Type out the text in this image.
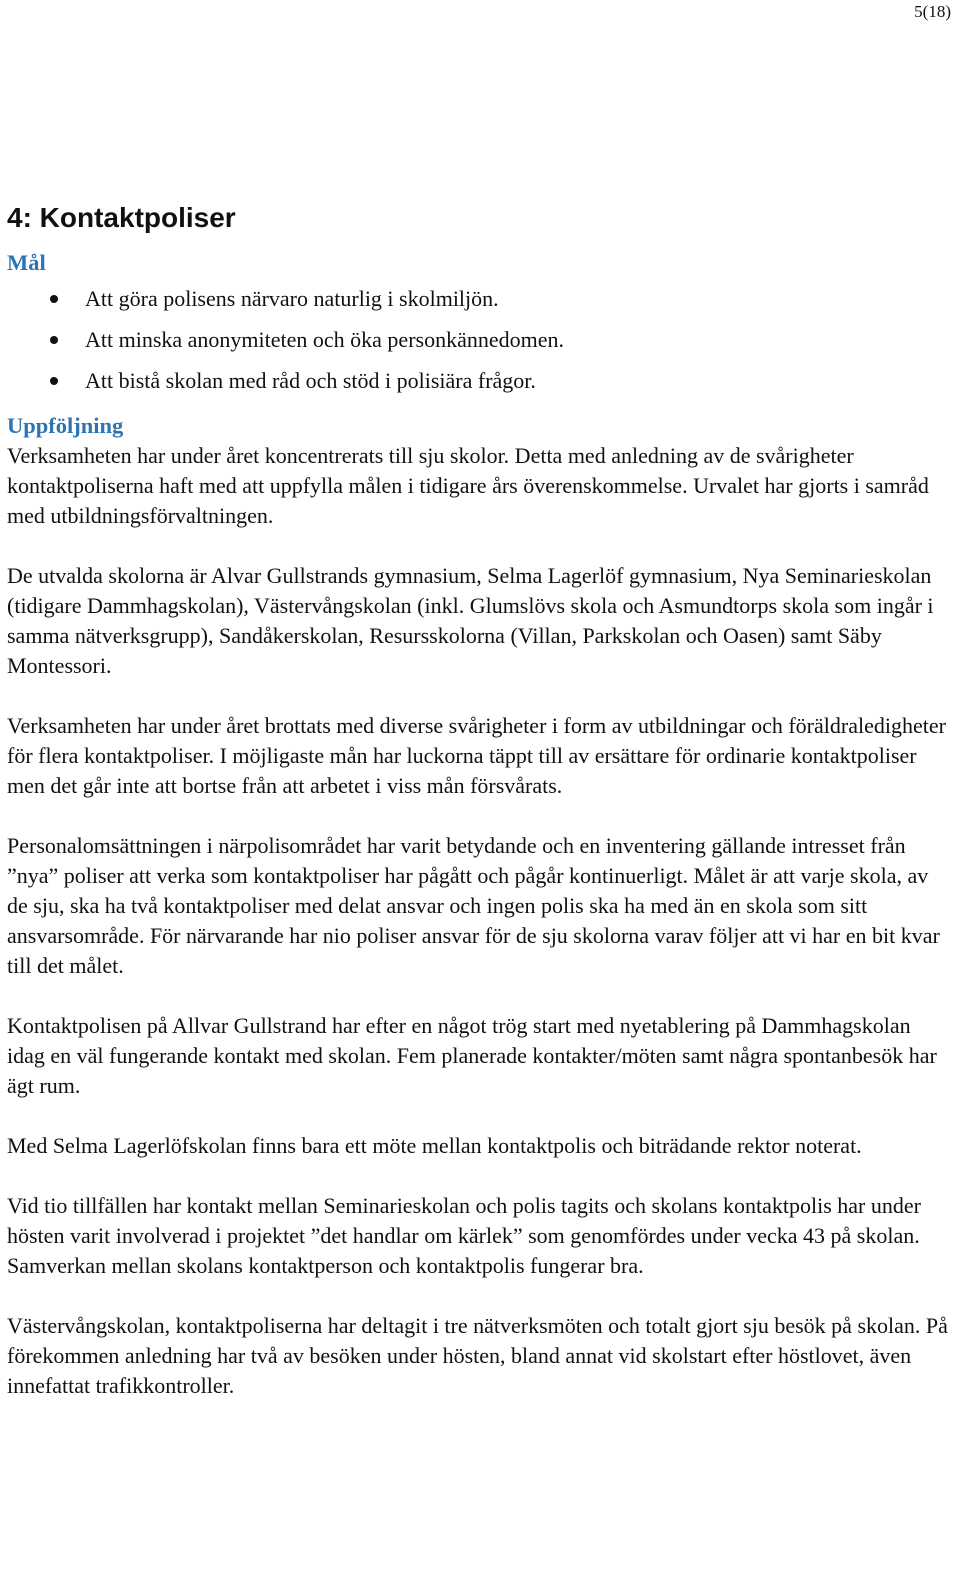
5(18)
4: Kontaktpoliser
Mål
Att göra polisens närvaro naturlig i skolmiljön.
Att minska anonymiteten och öka personkännedomen.
Att bistå skolan med råd och stöd i polisiära frågor.
Uppföljning

Verksamheten har under året koncentrerats till sju skolor. Detta med anledning av de svårigheter kontaktpoliserna haft med att uppfylla målen i tidigare års överenskommelse. Urvalet har gjorts i samråd med utbildningsförvaltningen.

De utvalda skolorna är Alvar Gullstrands gymnasium, Selma Lagerlöf gymnasium, Nya Seminarieskolan (tidigare Dammhagskolan), Västervångskolan (inkl. Glumslövs skola och Asmundtorps skola som ingår i samma nätverksgrupp), Sandåkerskolan, Resursskolorna (Villan, Parkskolan och Oasen) samt Säby Montessori.

Verksamheten har under året brottats med diverse svårigheter i form av utbildningar och föräldraledigheter för flera kontaktpoliser. I möjligaste mån har luckorna täppt till av ersättare för ordinarie kontaktpoliser men det går inte att bortse från att arbetet i viss mån försvårats.

Personalomsättningen i närpolisområdet har varit betydande och en inventering gällande intresset från ”nya” poliser att verka som kontaktpoliser har pågått och pågår kontinuerligt. Målet är att varje skola, av de sju, ska ha två kontaktpoliser med delat ansvar och ingen polis ska ha med än en skola som sitt ansvarsområde. För närvarande har nio poliser ansvar för de sju skolorna varav följer att vi har en bit kvar till det målet.

Kontaktpolisen på Allvar Gullstrand har efter en något trög start med nyetablering på Dammhagskolan idag en väl fungerande kontakt med skolan. Fem planerade kontakter/möten samt några spontanbesök har ägt rum.

Med Selma Lagerlöfskolan finns bara ett möte mellan kontaktpolis och biträdande rektor noterat.

Vid tio tillfällen har kontakt mellan Seminarieskolan och polis tagits och skolans kontaktpolis har under hösten varit involverad i projektet ”det handlar om kärlek” som genomfördes under vecka 43 på skolan. Samverkan mellan skolans kontaktperson och kontaktpolis fungerar bra.

Västervångskolan, kontaktpoliserna har deltagit i tre nätverksmöten och totalt gjort sju besök på skolan. På förekommen anledning har två av besöken under hösten, bland annat vid skolstart efter höstlovet, även innefattat trafikkontroller.
